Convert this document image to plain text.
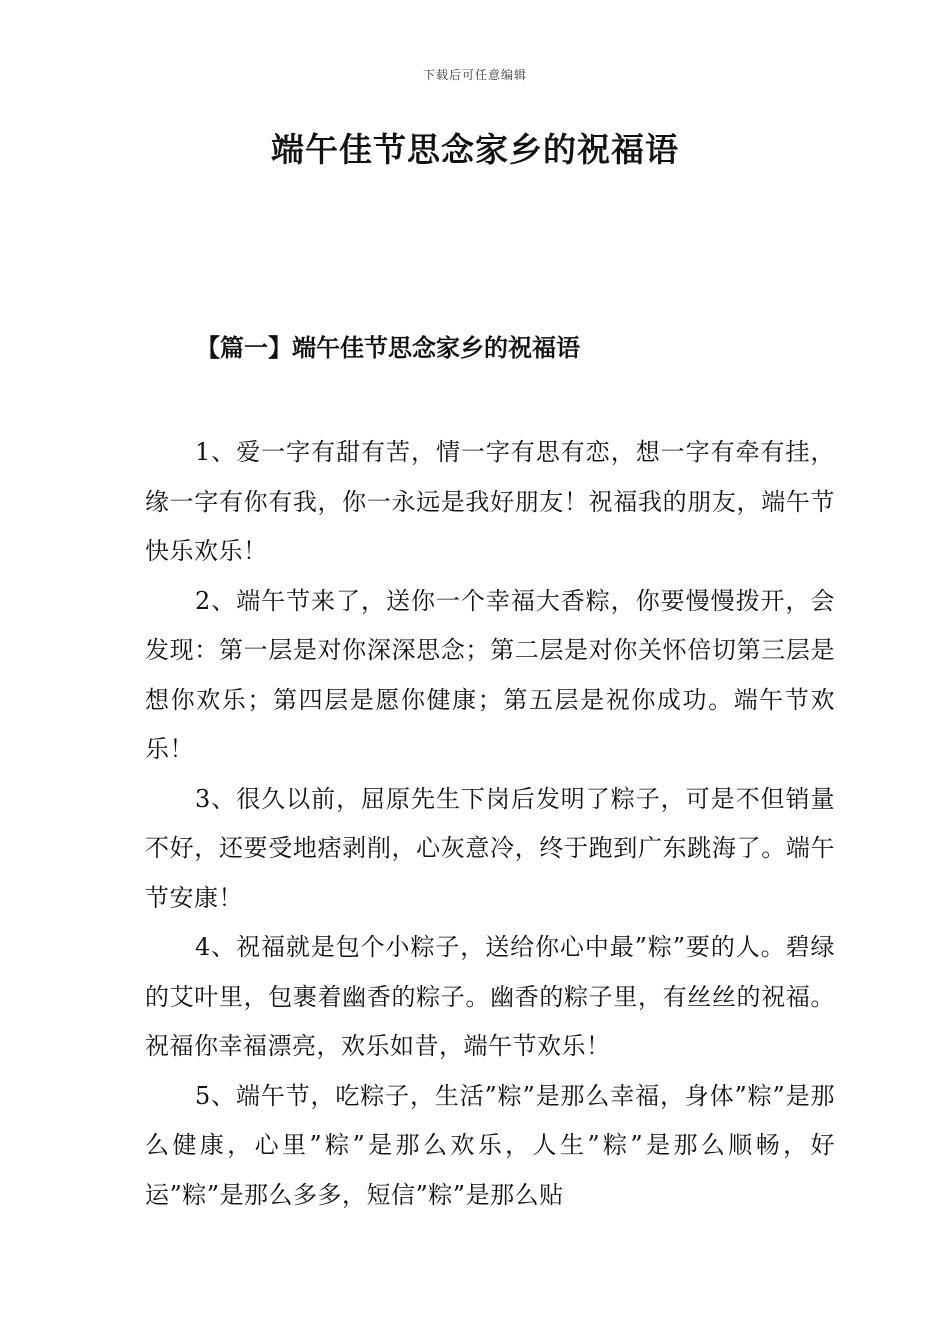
下载后可任意编辑
端午佳节思念家乡的祝福语
【篇一】端午佳节思念家乡的祝福语
1、爱一字有甜有苦，情一字有思有恋，想一字有牵有挂，缘一字有你有我，你一永远是我好朋友！祝福我的朋友，端午节快乐欢乐！
2、端午节来了，送你一个幸福大香粽，你要慢慢拨开，会发现：第一层是对你深深思念；第二层是对你关怀倍切第三层是想你欢乐；第四层是愿你健康；第五层是祝你成功。端午节欢乐！
3、很久以前，屈原先生下岗后发明了粽子，可是不但销量不好，还要受地痞剥削，心灰意冷，终于跑到广东跳海了。端午节安康！
4、祝福就是包个小粽子，送给你心中最”粽”要的人。碧绿的艾叶里，包裹着幽香的粽子。幽香的粽子里，有丝丝的祝福。祝福你幸福漂亮，欢乐如昔，端午节欢乐！
5、端午节，吃粽子，生活”粽”是那么幸福，身体”粽”是那么健康，心里”粽”是那么欢乐，人生”粽”是那么顺畅，好运”粽”是那么多多，短信”粽”是那么贴
